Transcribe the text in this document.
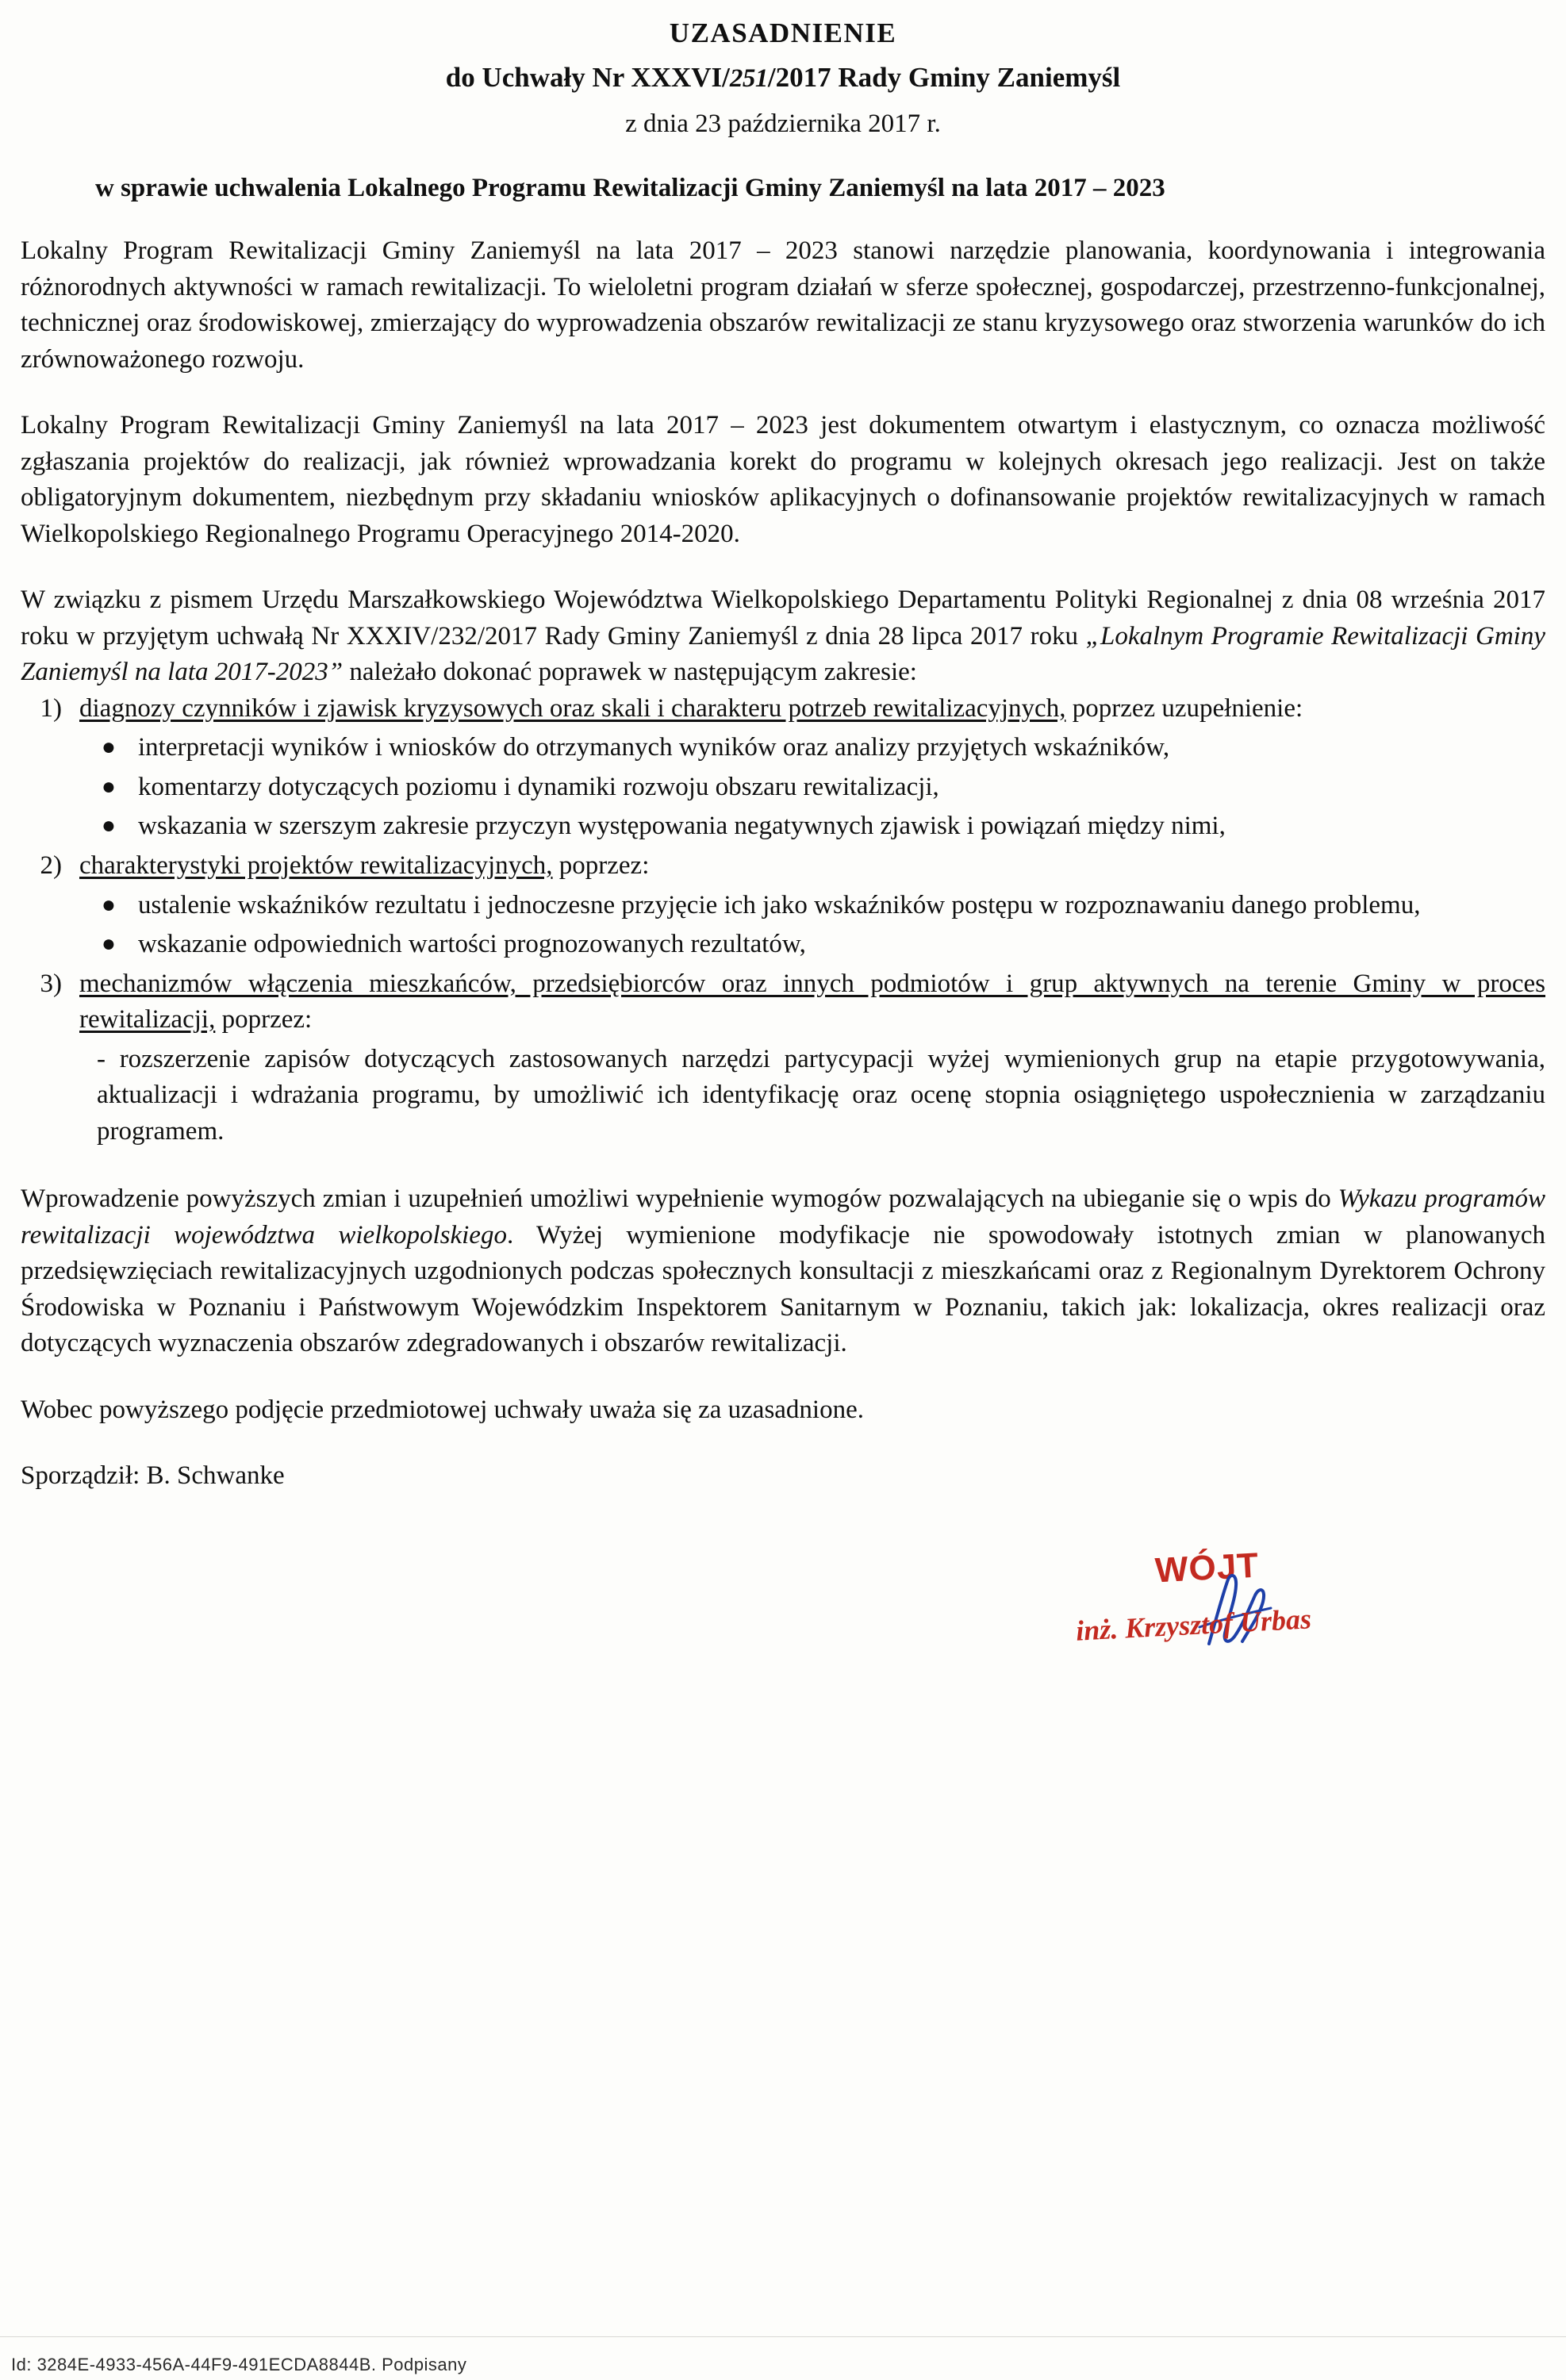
UZASADNIENIE
do Uchwały Nr XXXVI/251/2017 Rady Gminy Zaniemyśl
z dnia 23 października 2017 r.
w sprawie uchwalenia Lokalnego Programu Rewitalizacji Gminy Zaniemyśl na lata 2017 – 2023

Lokalny Program Rewitalizacji Gminy Zaniemyśl na lata 2017 – 2023 stanowi narzędzie planowania, koordynowania i integrowania różnorodnych aktywności w ramach rewitalizacji. To wieloletni program działań w sferze społecznej, gospodarczej, przestrzenno-funkcjonalnej, technicznej oraz środowiskowej, zmierzający do wyprowadzenia obszarów rewitalizacji ze stanu kryzysowego oraz stworzenia warunków do ich zrównoważonego rozwoju.

Lokalny Program Rewitalizacji Gminy Zaniemyśl na lata 2017 – 2023 jest dokumentem otwartym i elastycznym, co oznacza możliwość zgłaszania projektów do realizacji, jak również wprowadzania korekt do programu w kolejnych okresach jego realizacji. Jest on także obligatoryjnym dokumentem, niezbędnym przy składaniu wniosków aplikacyjnych o dofinansowanie projektów rewitalizacyjnych w ramach Wielkopolskiego Regionalnego Programu Operacyjnego 2014-2020.

W związku z pismem Urzędu Marszałkowskiego Województwa Wielkopolskiego Departamentu Polityki Regionalnej z dnia 08 września 2017 roku w przyjętym uchwałą Nr XXXIV/232/2017 Rady Gminy Zaniemyśl z dnia 28 lipca 2017 roku „Lokalnym Programie Rewitalizacji Gminy Zaniemyśl na lata 2017-2023” należało dokonać poprawek w następującym zakresie:

1) diagnozy czynników i zjawisk kryzysowych oraz skali i charakteru potrzeb rewitalizacyjnych, poprzez uzupełnienie:
● interpretacji wyników i wniosków do otrzymanych wyników oraz analizy przyjętych wskaźników,
● komentarzy dotyczących poziomu i dynamiki rozwoju obszaru rewitalizacji,
● wskazania w szerszym zakresie przyczyn występowania negatywnych zjawisk i powiązań między nimi,
2) charakterystyki projektów rewitalizacyjnych, poprzez:
● ustalenie wskaźników rezultatu i jednoczesne przyjęcie ich jako wskaźników postępu w rozpoznawaniu danego problemu,
● wskazanie odpowiednich wartości prognozowanych rezultatów,
3) mechanizmów włączenia mieszkańców, przedsiębiorców oraz innych podmiotów i grup aktywnych na terenie Gminy w proces rewitalizacji, poprzez:
- rozszerzenie zapisów dotyczących zastosowanych narzędzi partycypacji wyżej wymienionych grup na etapie przygotowywania, aktualizacji i wdrażania programu, by umożliwić ich identyfikację oraz ocenę stopnia osiągniętego uspołecznienia w zarządzaniu programem.

Wprowadzenie powyższych zmian i uzupełnień umożliwi wypełnienie wymogów pozwalających na ubieganie się o wpis do Wykazu programów rewitalizacji województwa wielkopolskiego. Wyżej wymienione modyfikacje nie spowodowały istotnych zmian w planowanych przedsięwzięciach rewitalizacyjnych uzgodnionych podczas społecznych konsultacji z mieszkańcami oraz z Regionalnym Dyrektorem Ochrony Środowiska w Poznaniu i Państwowym Wojewódzkim Inspektorem Sanitarnym w Poznaniu, takich jak: lokalizacja, okres realizacji oraz dotyczących wyznaczenia obszarów zdegradowanych i obszarów rewitalizacji.

Wobec powyższego podjęcie przedmiotowej uchwały uważa się za uzasadnione.

Sporządził: B. Schwanke

WÓJT
inż. Krzysztof Urbas
Id: 3284E-4933-456A-44F9-491ECDA8844B. Podpisany
